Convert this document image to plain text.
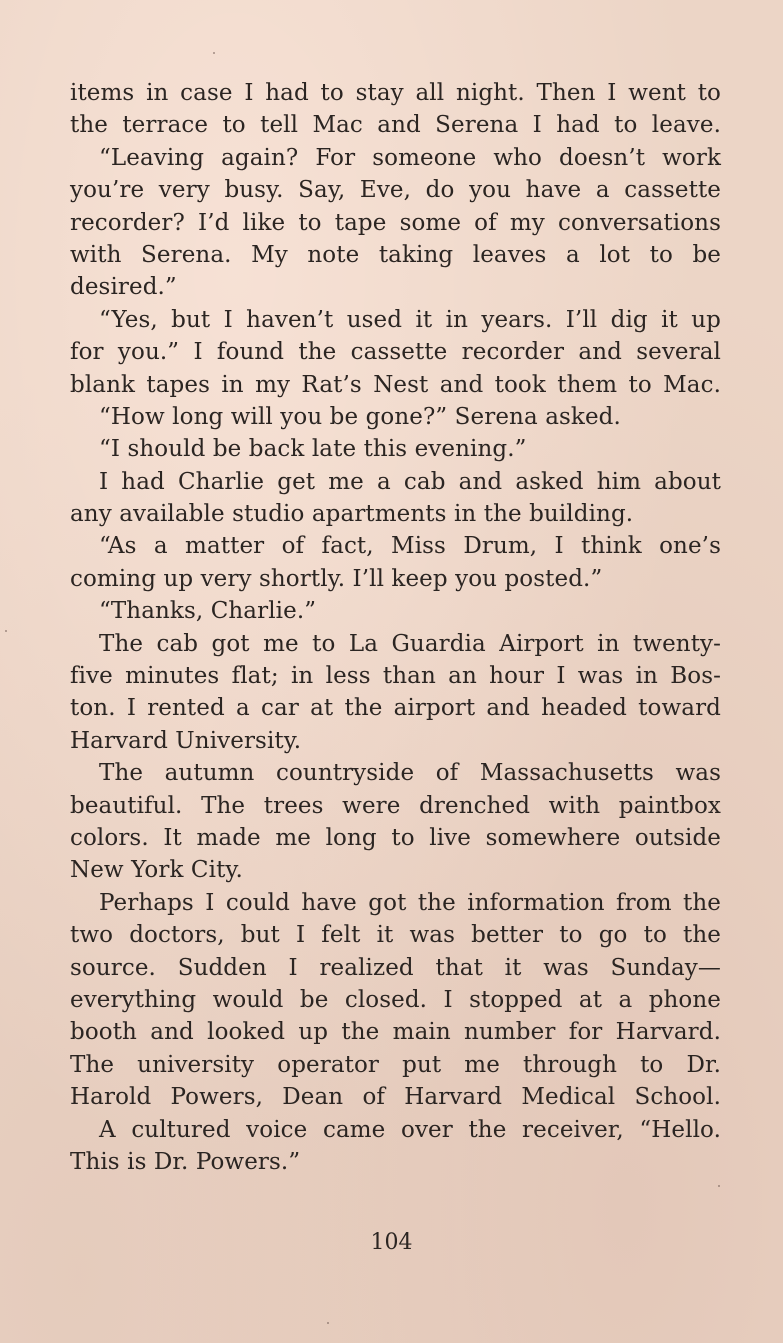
items in case I had to stay all night. Then I went to
the terrace to tell Mac and Serena I had to leave.
“Leaving again? For someone who doesn’t work
you’re very busy. Say, Eve, do you have a cassette
recorder? I’d like to tape some of my conversations
with Serena. My note taking leaves a lot to be
desired.”
“Yes, but I haven’t used it in years. I’ll dig it up
for you.” I found the cassette recorder and several
blank tapes in my Rat’s Nest and took them to Mac.
“How long will you be gone?” Serena asked.
“I should be back late this evening.”
I had Charlie get me a cab and asked him about
any available studio apartments in the building.
“As a matter of fact, Miss Drum, I think one’s
coming up very shortly. I’ll keep you posted.”
“Thanks, Charlie.”
The cab got me to La Guardia Airport in twenty-
five minutes flat; in less than an hour I was in Bos-
ton. I rented a car at the airport and headed toward
Harvard University.
The autumn countryside of Massachusetts was
beautiful. The trees were drenched with paintbox
colors. It made me long to live somewhere outside
New York City.
Perhaps I could have got the information from the
two doctors, but I felt it was better to go to the
source. Sudden I realized that it was Sunday—
everything would be closed. I stopped at a phone
booth and looked up the main number for Harvard.
The university operator put me through to Dr.
Harold Powers, Dean of Harvard Medical School.
A cultured voice came over the receiver, “Hello.
This is Dr. Powers.”
104
